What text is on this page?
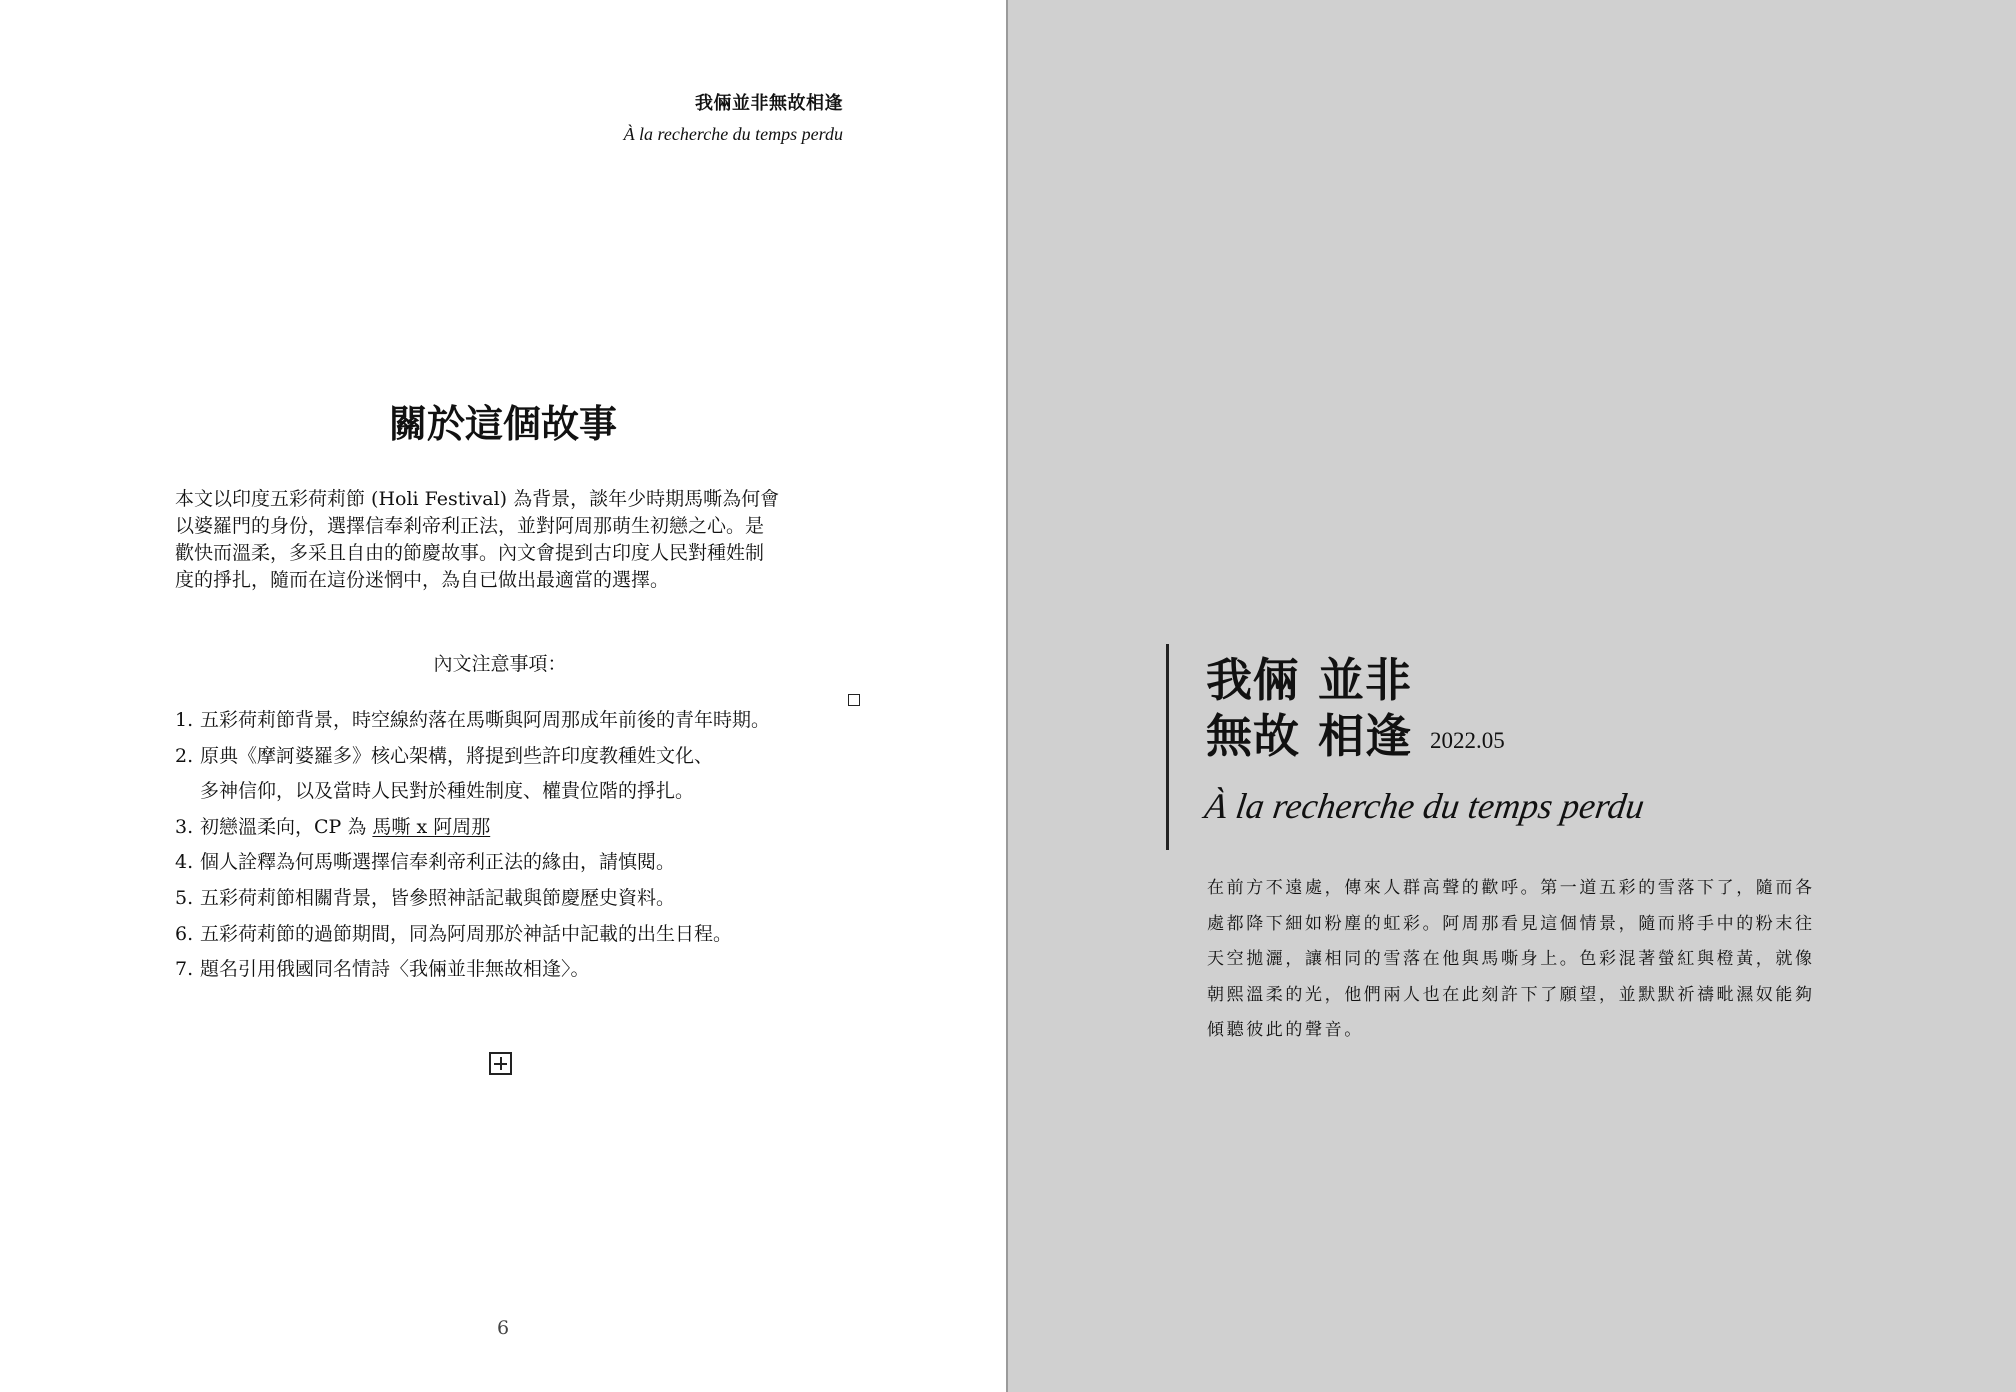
我倆並非無故相逢
À la recherche du temps perdu
關於這個故事
本文以印度五彩荷莉節 (Holi Festival) 為背景，談年少時期馬嘶為何會
以婆羅門的身份，選擇信奉剎帝利正法，並對阿周那萌生初戀之心。是
歡快而溫柔，多采且自由的節慶故事。內文會提到古印度人民對種姓制
度的掙扎，隨而在這份迷惘中，為自已做出最適當的選擇。
內文注意事項：
1. 五彩荷莉節背景，時空線約落在馬嘶與阿周那成年前後的青年時期。
2. 原典《摩訶婆羅多》核心架構，將提到些許印度教種姓文化、
多神信仰，以及當時人民對於種姓制度、權貴位階的掙扎。
3. 初戀溫柔向，CP 為 馬嘶 x 阿周那
4. 個人詮釋為何馬嘶選擇信奉剎帝利正法的緣由，請慎閱。
5. 五彩荷莉節相關背景，皆參照神話記載與節慶歷史資料。
6. 五彩荷莉節的過節期間，同為阿周那於神話中記載的出生日程。
7. 題名引用俄國同名情詩〈我倆並非無故相逢〉。
6
我倆 並非
無故 相逢 2022.05
À la recherche du temps perdu
在前方不遠處，傳來人群高聲的歡呼。第一道五彩的雪落下了，隨而各
處都降下細如粉塵的虹彩。阿周那看見這個情景，隨而將手中的粉末往
天空拋灑，讓相同的雪落在他與馬嘶身上。色彩混著螢紅與橙黃，就像
朝熙溫柔的光，他們兩人也在此刻許下了願望，並默默祈禱毗濕奴能夠
傾聽彼此的聲音。
